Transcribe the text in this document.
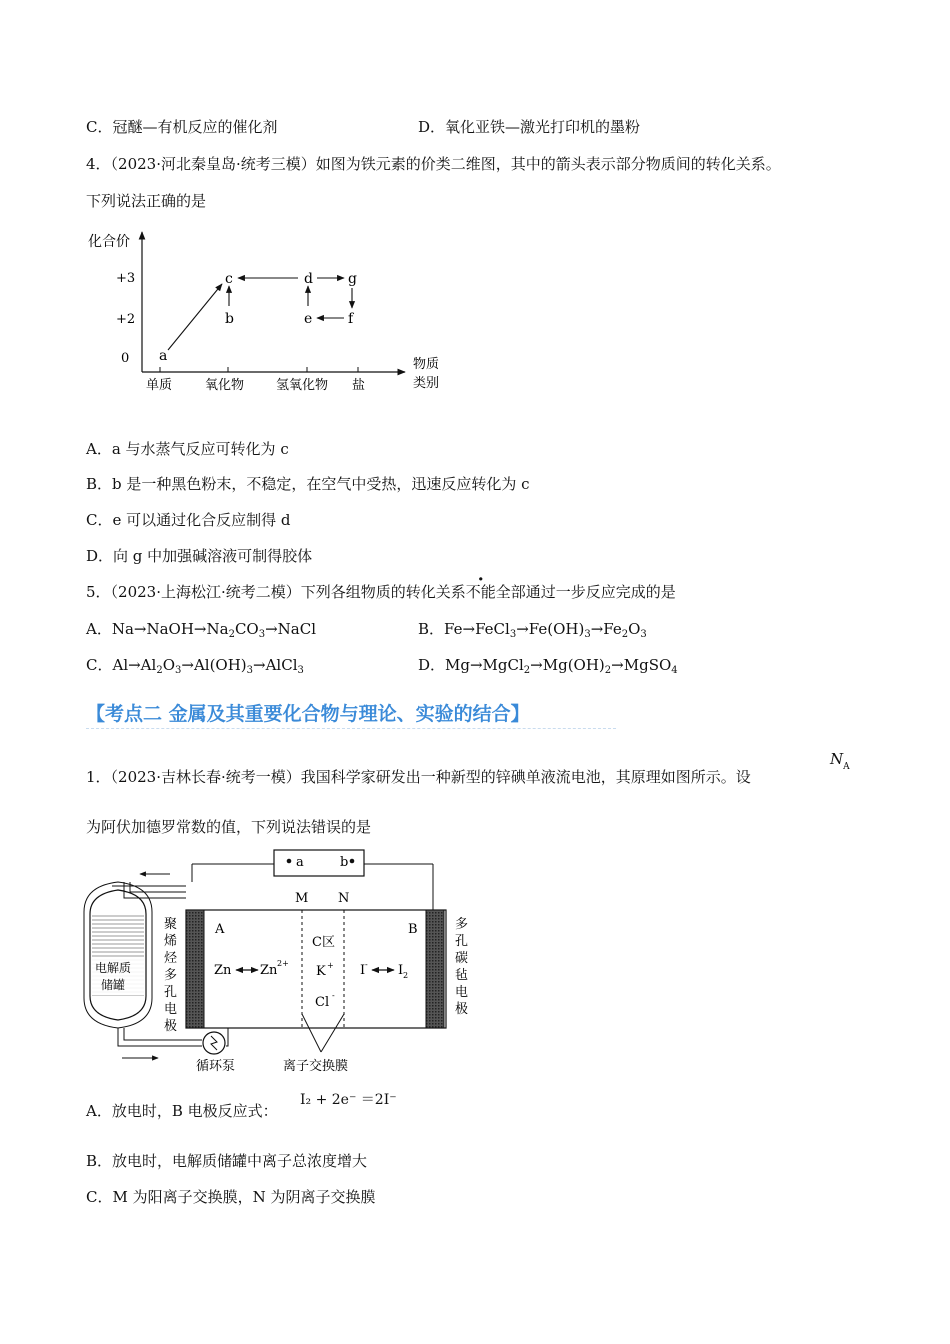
C．冠醚—有机反应的催化剂	D．氧化亚铁—激光打印机的墨粉
4．（2023·河北秦皇岛·统考三模）如图为铁元素的价类二维图，其中的箭头表示部分物质间的转化关系。
下列说法正确的是
化合价
+3
+2
0
单质	氧化物 氢氧化物 盐
物质
类别
a
b
c	d
e	f
g
A．a 与水蒸气反应可转化为 c
B．b 是一种黑色粉末，不稳定，在空气中受热，迅速反应转化为 c
C．e 可以通过化合反应制得 d
D．向 g 中加强碱溶液可制得胶体
5．（2023·上海松江·统考二模）下列各组物质的转化关系不能全部通过一步反应完成的是
A．$Na\to NaOH\to Na_2CO_3\to NaCl$	B．$Fe\to FeCl_3\to Fe(OH)_3\to Fe_2O_3$
C．$Al\to Al_2O_3\to Al(OH)_3\to AlCl_3$	D．$Mg\to MgCl_2\to Mg(OH)_2\to MgSO_4$
【考点二 金属及其重要化合物与理论、实验的结合】
1．（2023·吉林长春·统考一模）我国科学家研发出一种新型的锌碘单液流电池，其原理如图所示。设
$N_A$
为阿伏加德罗常数的值，下列说法错误的是
a	b
M N
A	B
C区
K +
Cl -
Zn Zn 2+	I - I 2
离子交换膜
聚烯烃多孔电极
多孔碳毡电极
电解质
储罐
循环泵
A．放电时，B 电极反应式：
I₂ + 2e⁻ ＝2I⁻
B．放电时，电解质储罐中离子总浓度增大
C．M 为阳离子交换膜，N 为阴离子交换膜
